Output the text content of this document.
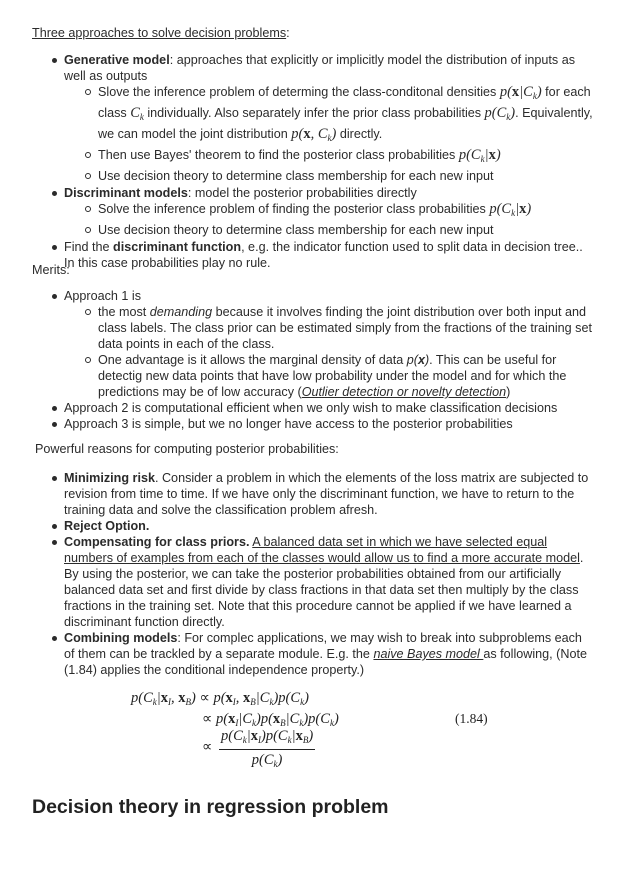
Three approaches to solve decision problems:
Generative model: approaches that explicitly or implicitly model the distribution of inputs as well as outputs
Slove the inference problem of determing the class-conditonal densities $p(x|C_k)$ for each class $C_k$ individually. Also separately infer the prior class probabilities $p(C_k)$. Equivalently, we can model the joint distribution p(x, $C_k$) directly.
Then use Bayes' theorem to find the posterior class probabilities $p(C_k|x)$
Use decision theory to determine class membership for each new input
Discriminant models: model the posterior probabilities directly
Solve the inference problem of finding the posterior class probabilities $p(C_k|x)$
Use decision theory to determine class membership for each new input
Find the discriminant function, e.g. the indicator function used to split data in decision tree.. In this case probabilities play no rule.
Merits:
Approach 1 is
the most demanding because it involves finding the joint distribution over both input and class labels. The class prior can be estimated simply from the fractions of the training set data points in each of the class.
One advantage is it allows the marginal density of data p(x). This can be useful for detectig new data points that have low probability under the model and for which the predictions may be of low accuracy (Outlier detection or novelty detection)
Approach 2 is computational efficient when we only wish to make classification decisions
Approach 3 is simple, but we no longer have access to the posterior probabilities
Powerful reasons for computing posterior probabilities:
Minimizing risk. Consider a problem in which the elements of the loss matrix are subjected to revision from time to time. If we have only the discriminant function, we have to return to the training data and solve the classification problem afresh.
Reject Option.
Compensating for class priors. A balanced data set in which we have selected equal numbers of examples from each of the classes would allow us to find a more accurate model. By using the posterior, we can take the posterior probabilities obtained from our artificially balanced data set and first divide by class fractions in that data set then multiply by the class fractions in the training set. Note that this procedure cannot be applied if we have learned a discriminant function directly.
Combining models: For complec applications, we may wish to break into subproblems each of them can be trackled by a separate module. E.g. the naive Bayes model as following, (Note (1.84) applies the conditional independence property.)
$p(C_k|x_I$, $x_B) \propto p(x_I$, $x_B|C_k)p(C_k)$
∝ $p(x_I|C_k)p(x_B|C_k)p(C_k)$
∝ $\frac{p(C_k|x_I)p(C_k|x_B)}{p(C_k)}$
(1.84)
Decision theory in regression problem
